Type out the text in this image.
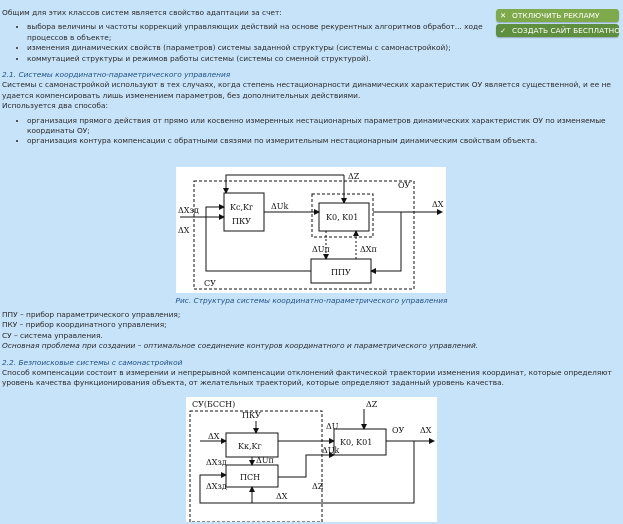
✕ ОТКЛЮЧИТЬ РЕКЛАМУ
✓ СОЗДАТЬ САЙТ БЕСПЛАТНО

Общим для этих классов систем является свойство адаптации за счет:

• выбора величины и частоты коррекций управляющих действий на основе рекурентных алгоритмов обработ... ходе процессов в объекте;
• изменения динамических свойств (параметров) системы заданной структуры (системы с самонастройкой);
• коммутацией структуры и режимов работы системы (системы со сменной структурой).
2.1. Системы координатно-параметрического управления

Системы с самонастройкой используют в тех случаях, когда степень нестационарности динамических характеристик ОУ является существенной, и ее не удается компенсировать лишь изменением параметров, без дополнительных действиями.

Используется два способа:

• организация прямого действия от прямо или косвенно измеренных нестационарных параметров динамических характеристик ОУ по изменяемые координаты ОУ;
• организация контура компенсации с обратными связями по измерительным нестационарным динамическим свойствам объекта.
ΔZ
ОУ
ΔXзд
ΔX
ΔX
ΔUk
Kс,Kг
ПКУ	K0, K01
ΔUп	ΔXп
ППУ
СУ

Рис. Структура системы координатно-параметрического управления

ППУ – прибор параметрического управления;

ПКУ – прибор координатного управления;

СУ – система управления.

Основная проблема при создании – оптимальное соединение контуров координатного и параметрического управлений.

2.2. Безпоисковые системы с самонастройкой

Способ компенсации состоит в измерении и непрерывной компенсации отклонений фактической траектории изменения координат, которые определяют уровень качества функционирования объекта, от желательных траекторий, которые определяют заданный уровень качества.

СУ(БССН)
ПКУ
ΔZ
ΔX
Kк,Kг
ΔU
ΔUk
K0, K01
ОУ ΔX
ΔXзд	ΔUп
ПСН
ΔXзд	ΔZ
ΔX
